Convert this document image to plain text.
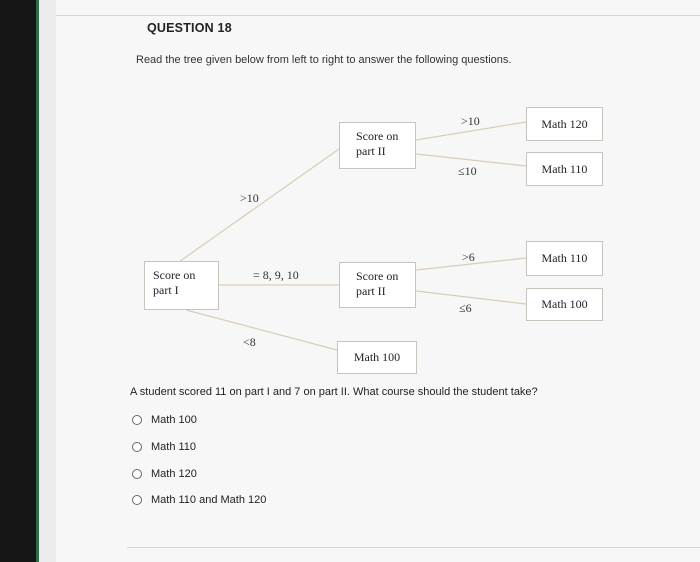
QUESTION 18
Read the tree given below from left to right to answer the following questions.
Score on
part I
Score on
part II
Score on
part II
Math 100
Math 120
Math 110
Math 110
Math 100
>10
= 8, 9, 10
<8
>10
≤10
>6
≤6
A student scored 11 on part I and 7 on part II. What course should the student take?
Math 100
Math 110
Math 120
Math 110 and Math 120
